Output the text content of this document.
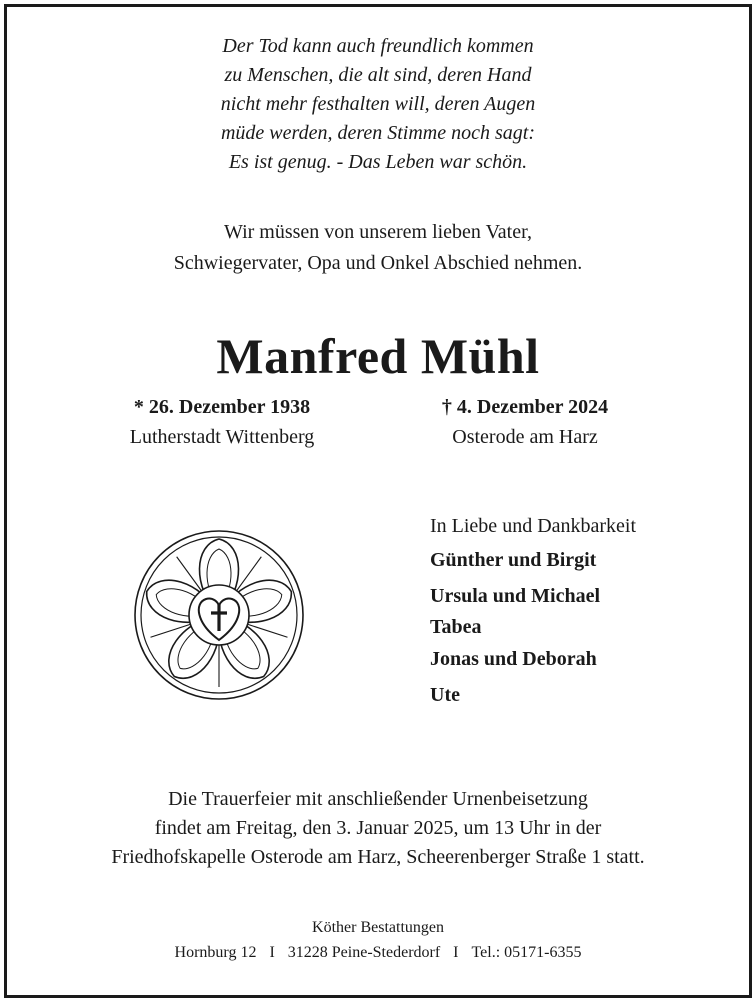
Der Tod kann auch freundlich kommen
zu Menschen, die alt sind, deren Hand
nicht mehr festhalten will, deren Augen
müde werden, deren Stimme noch sagt:
Es ist genug. - Das Leben war schön.
Wir müssen von unserem lieben Vater,
Schwiegervater, Opa und Onkel Abschied nehmen.
Manfred Mühl
* 26. Dezember 1938
Lutherstadt Wittenberg
† 4. Dezember 2024
Osterode am Harz
In Liebe und Dankbarkeit
Günther und Birgit
Ursula und Michael
Tabea
Jonas und Deborah
Ute
Die Trauerfeier mit anschließender Urnenbeisetzung
findet am Freitag, den 3. Januar 2025, um 13 Uhr in der
Friedhofskapelle Osterode am Harz, Scheerenberger Straße 1 statt.
Köther Bestattungen
Hornburg 12 I 31228 Peine-Stederdorf I Tel.: 05171-6355
